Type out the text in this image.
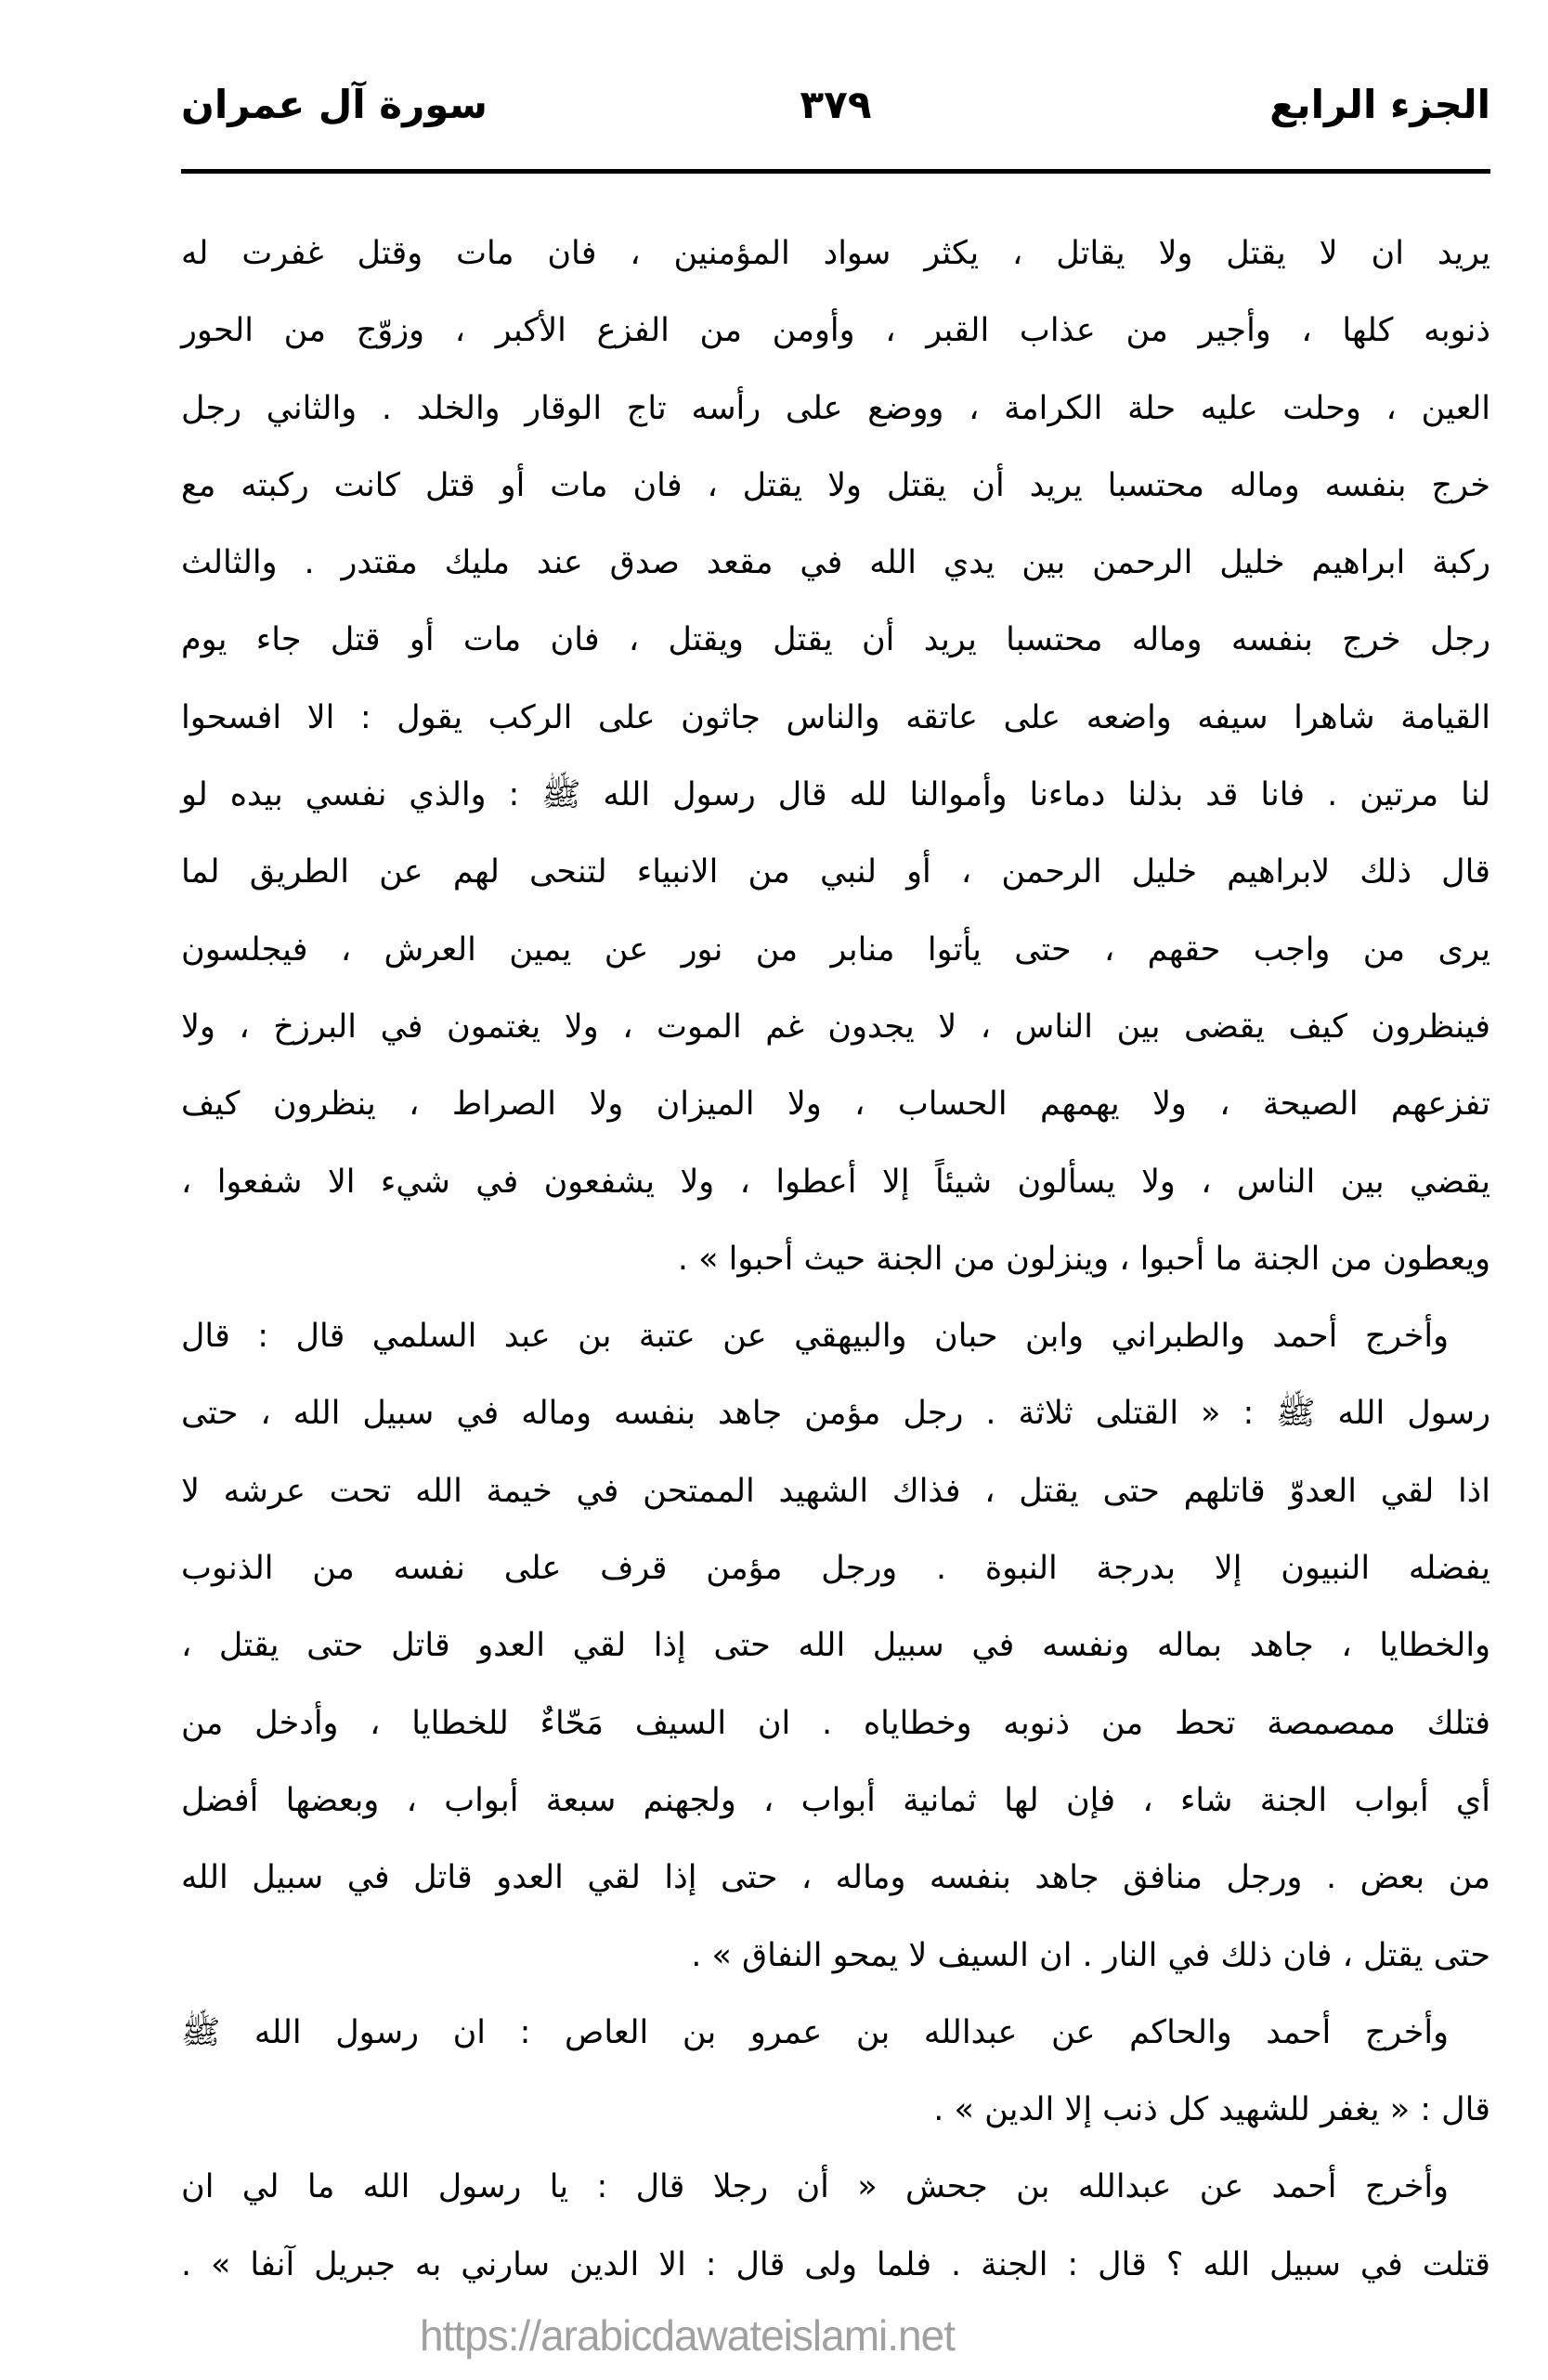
الجزء الرابع
٣٧٩
سورة آل عمران
يريد ان لا يقتل ولا يقاتل ، يكثر سواد المؤمنين ، فان مات وقتل غفرت له
ذنوبه كلها ، وأجير من عذاب القبر ، وأومن من الفزع الأكبر ، وزوّج من الحور
العين ، وحلت عليه حلة الكرامة ، ووضع على رأسه تاج الوقار والخلد . والثاني رجل
خرج بنفسه وماله محتسبا يريد أن يقتل ولا يقتل ، فان مات أو قتل كانت ركبته مع
ركبة ابراهيم خليل الرحمن بين يدي الله في مقعد صدق عند مليك مقتدر . والثالث
رجل خرج بنفسه وماله محتسبا يريد أن يقتل ويقتل ، فان مات أو قتل جاء يوم
القيامة شاهرا سيفه واضعه على عاتقه والناس جاثون على الركب يقول : الا افسحوا
لنا مرتين . فانا قد بذلنا دماءنا وأموالنا لله قال رسول الله ﷺ : والذي نفسي بيده لو
قال ذلك لابراهيم خليل الرحمن ، أو لنبي من الانبياء لتنحى لهم عن الطريق لما
يرى من واجب حقهم ، حتى يأتوا منابر من نور عن يمين العرش ، فيجلسون
فينظرون كيف يقضى بين الناس ، لا يجدون غم الموت ، ولا يغتمون في البرزخ ، ولا
تفزعهم الصيحة ، ولا يهمهم الحساب ، ولا الميزان ولا الصراط ، ينظرون كيف
يقضي بين الناس ، ولا يسألون شيئاً إلا أعطوا ، ولا يشفعون في شيء الا شفعوا ،
ويعطون من الجنة ما أحبوا ، وينزلون من الجنة حيث أحبوا » .
وأخرج أحمد والطبراني وابن حبان والبيهقي عن عتبة بن عبد السلمي قال : قال
رسول الله ﷺ : « القتلى ثلاثة . رجل مؤمن جاهد بنفسه وماله في سبيل الله ، حتى
اذا لقي العدوّ قاتلهم حتى يقتل ، فذاك الشهيد الممتحن في خيمة الله تحت عرشه لا
يفضله النبيون إلا بدرجة النبوة . ورجل مؤمن قرف على نفسه من الذنوب
والخطايا ، جاهد بماله ونفسه في سبيل الله حتى إذا لقي العدو قاتل حتى يقتل ،
فتلك ممصمصة تحط من ذنوبه وخطاياه . ان السيف مَحّاءٌ للخطايا ، وأدخل من
أي أبواب الجنة شاء ، فإن لها ثمانية أبواب ، ولجهنم سبعة أبواب ، وبعضها أفضل
من بعض . ورجل منافق جاهد بنفسه وماله ، حتى إذا لقي العدو قاتل في سبيل الله
حتى يقتل ، فان ذلك في النار . ان السيف لا يمحو النفاق » .
وأخرج أحمد والحاكم عن عبدالله بن عمرو بن العاص : ان رسول الله ﷺ
قال : « يغفر للشهيد كل ذنب إلا الدين » .
وأخرج أحمد عن عبدالله بن جحش « أن رجلا قال : يا رسول الله ما لي ان
قتلت في سبيل الله ؟ قال : الجنة . فلما ولى قال : الا الدين سارني به جبريل آنفا » .
https://arabicdawateislami.net
